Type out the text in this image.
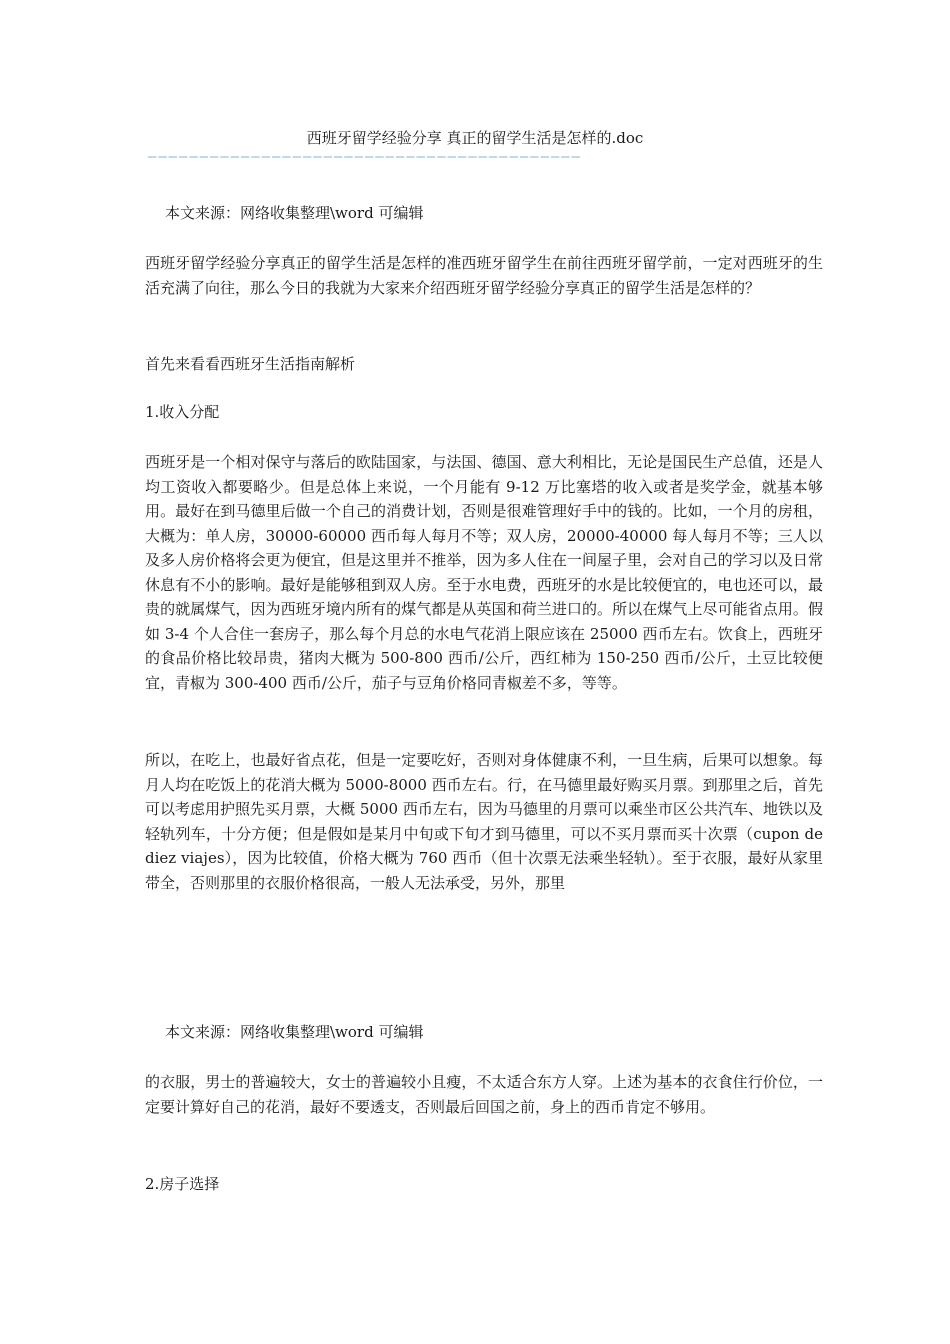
西班牙留学经验分享 真正的留学生活是怎样的.doc
——————————————————————————————————————————
本文来源：网络收集整理\word 可编辑
西班牙留学经验分享真正的留学生活是怎样的准西班牙留学生在前往西班牙留学前，一定对西班牙的生活充满了向往，那么今日的我就为大家来介绍西班牙留学经验分享真正的留学生活是怎样的？
首先来看看西班牙生活指南解析
1.收入分配
西班牙是一个相对保守与落后的欧陆国家，与法国、德国、意大利相比，无论是国民生产总值，还是人均工资收入都要略少。但是总体上来说，一个月能有 9-12 万比塞塔的收入或者是奖学金，就基本够用。最好在到马德里后做一个自己的消费计划，否则是很难管理好手中的钱的。比如，一个月的房租，大概为：单人房，30000-60000 西币每人每月不等；双人房，20000-40000 每人每月不等；三人以及多人房价格将会更为便宜，但是这里并不推举，因为多人住在一间屋子里，会对自己的学习以及日常休息有不小的影响。最好是能够租到双人房。至于水电费，西班牙的水是比较便宜的，电也还可以，最贵的就属煤气，因为西班牙境内所有的煤气都是从英国和荷兰进口的。所以在煤气上尽可能省点用。假如 3-4 个人合住一套房子，那么每个月总的水电气花消上限应该在 25000 西币左右。饮食上，西班牙的食品价格比较昂贵，猪肉大概为 500-800 西币/公斤，西红柿为 150-250 西币/公斤，土豆比较便宜，青椒为 300-400 西币/公斤，茄子与豆角价格同青椒差不多，等等。
所以，在吃上，也最好省点花，但是一定要吃好，否则对身体健康不利，一旦生病，后果可以想象。每月人均在吃饭上的花消大概为 5000-8000 西币左右。行，在马德里最好购买月票。到那里之后，首先可以考虑用护照先买月票，大概 5000 西币左右，因为马德里的月票可以乘坐市区公共汽车、地铁以及轻轨列车，十分方便；但是假如是某月中旬或下旬才到马德里，可以不买月票而买十次票（cupon de diez viajes），因为比较值，价格大概为 760 西币（但十次票无法乘坐轻轨）。至于衣服，最好从家里带全，否则那里的衣服价格很高，一般人无法承受，另外，那里
本文来源：网络收集整理\word 可编辑
的衣服，男士的普遍较大，女士的普遍较小且瘦，不太适合东方人穿。上述为基本的衣食住行价位，一定要计算好自己的花消，最好不要透支，否则最后回国之前，身上的西币肯定不够用。
2.房子选择
